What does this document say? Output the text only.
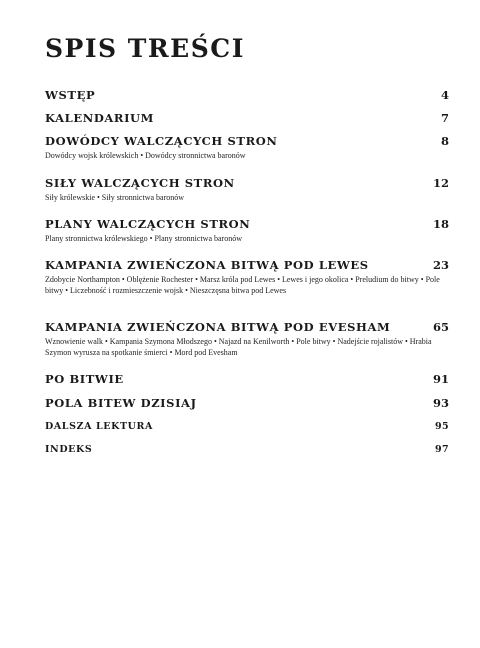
SPIS TREŚCI
WSTĘP	4
KALENDARIUM	7
DOWÓDCY WALCZĄCYCH STRON	8
Dowódcy wojsk królewskich • Dowódcy stronnictwa baronów
SIŁY WALCZĄCYCH STRON	12
Siły królewskie • Siły stronnictwa baronów
PLANY WALCZĄCYCH STRON	18
Plany stronnictwa królewskiego • Plany stronnictwa baronów
KAMPANIA ZWIEŃCZONA BITWĄ POD LEWES	23
Zdobycie Northampton • Oblężenie Rochester • Marsz króla pod Lewes • Lewes i jego okolica • Preludium do bitwy • Pole bitwy • Liczebność i rozmieszczenie wojsk • Nieszczęsna bitwa pod Lewes
KAMPANIA ZWIEŃCZONA BITWĄ POD EVESHAM	65
Wznowienie walk • Kampania Szymona Młodszego • Najazd na Kenilworth • Pole bitwy • Nadejście rojalistów • Hrabia Szymon wyrusza na spotkanie śmierci • Mord pod Evesham
PO BITWIE	91
POLA BITEW DZISIAJ	93
DALSZA LEKTURA	95
INDEKS	97
